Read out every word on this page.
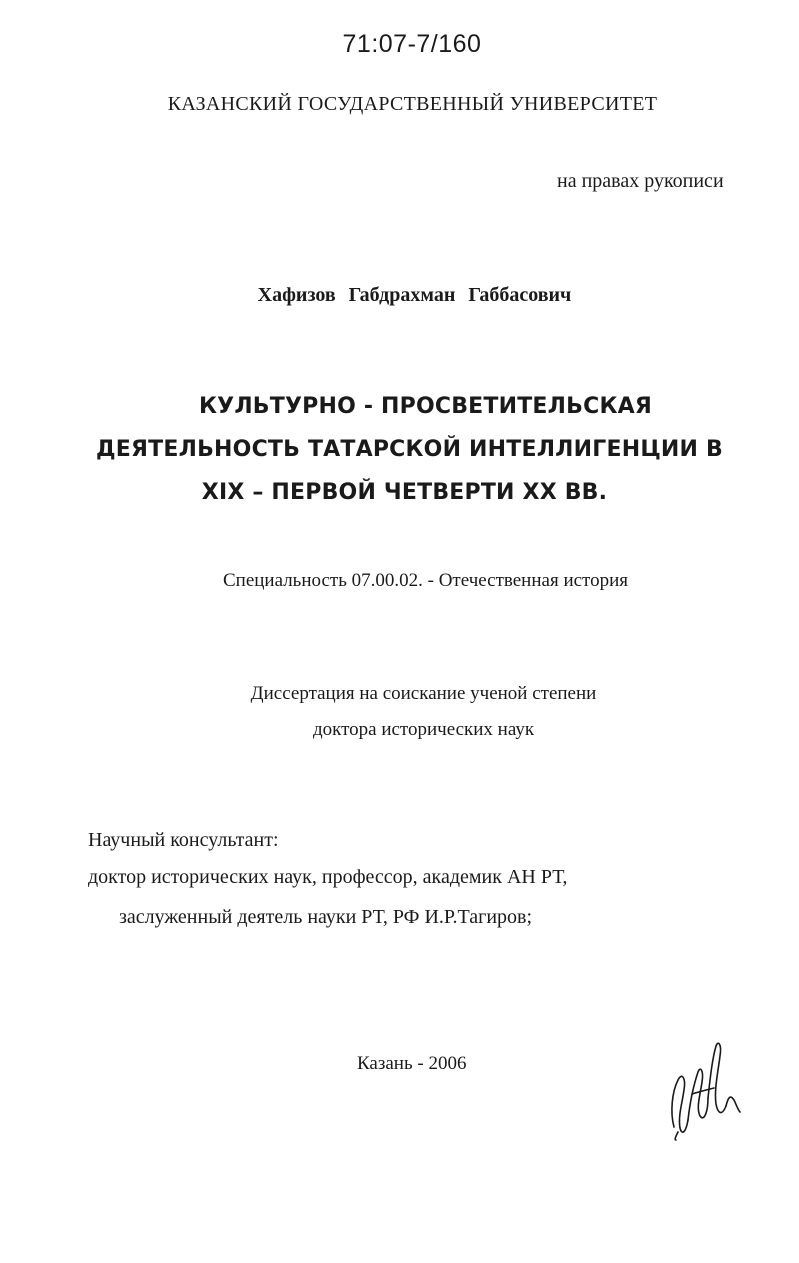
71:07-7/160
КАЗАНСКИЙ ГОСУДАРСТВЕННЫЙ УНИВЕРСИТЕТ
на правах рукописи
Хафизов Габдрахман Габбасович
КУЛЬТУРНО - ПРОСВЕТИТЕЛЬСКАЯ
ДЕЯТЕЛЬНОСТЬ ТАТАРСКОЙ ИНТЕЛЛИГЕНЦИИ В
XIX – ПЕРВОЙ ЧЕТВЕРТИ XX ВВ.
Специальность 07.00.02. - Отечественная история
Диссертация на соискание ученой степени
доктора исторических наук
Научный консультант:
доктор исторических наук, профессор, академик АН РТ,
заслуженный деятель науки РТ, РФ И.Р.Тагиров;
Казань - 2006
